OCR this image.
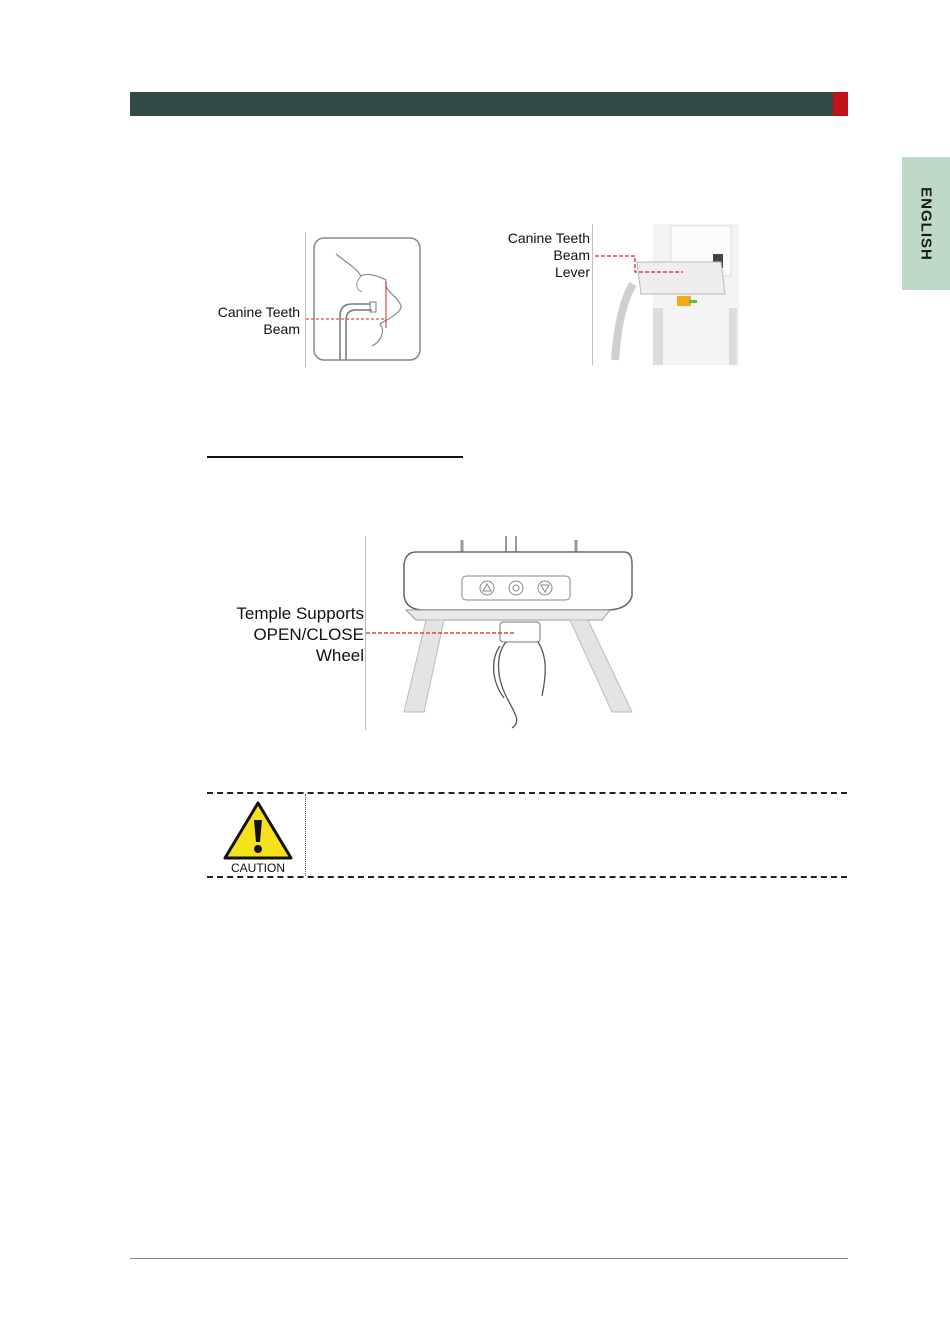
ENGLISH
Canine Teeth
Beam
Canine Teeth
Beam
Lever
Temple Supports
OPEN/CLOSE
Wheel
CAUTION
